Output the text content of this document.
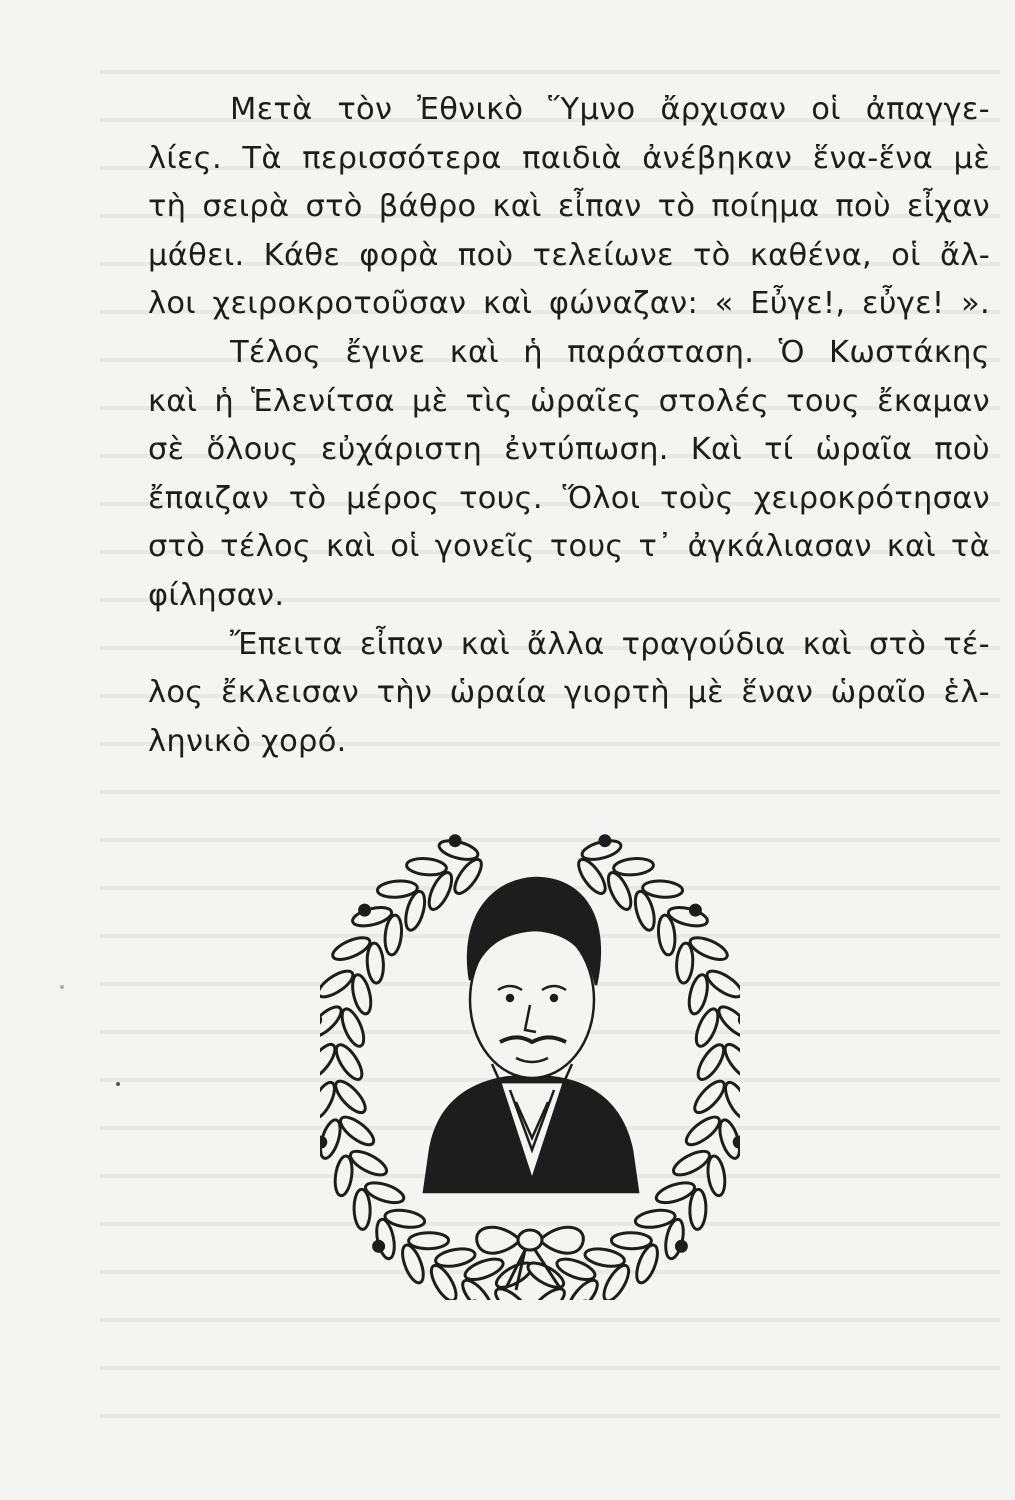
Μετὰ τὸν Ἐθνικὸ Ὕμνο ἄρχισαν οἱ ἀπαγγε-
λίες. Τὰ περισσότερα παιδιὰ ἀνέβηκαν ἕνα-ἕνα μὲ
τὴ σειρὰ στὸ βάθρο καὶ εἶπαν τὸ ποίημα ποὺ εἶχαν
μάθει. Κάθε φορὰ ποὺ τελείωνε τὸ καθένα, οἱ ἄλ-
λοι χειροκροτοῦσαν καὶ φώναζαν: « Εὖγε!, εὖγε! ».
Τέλος ἔγινε καὶ ἡ παράσταση. Ὁ Κωστάκης
καὶ ἡ Ἑλενίτσα μὲ τὶς ὡραῖες στολές τους ἔκαμαν
σὲ ὅλους εὐχάριστη ἐντύπωση. Καὶ τί ὡραῖα ποὺ
ἔπαιζαν τὸ μέρος τους. Ὅλοι τοὺς χειροκρότησαν
στὸ τέλος καὶ οἱ γονεῖς τους τ᾽ ἀγκάλιασαν καὶ τὰ
φίλησαν.
Ἔπειτα εἶπαν καὶ ἄλλα τραγούδια καὶ στὸ τέ-
λος ἔκλεισαν τὴν ὡραία γιορτὴ μὲ ἕναν ὡραῖο ἑλ-
ληνικὸ χορό.
